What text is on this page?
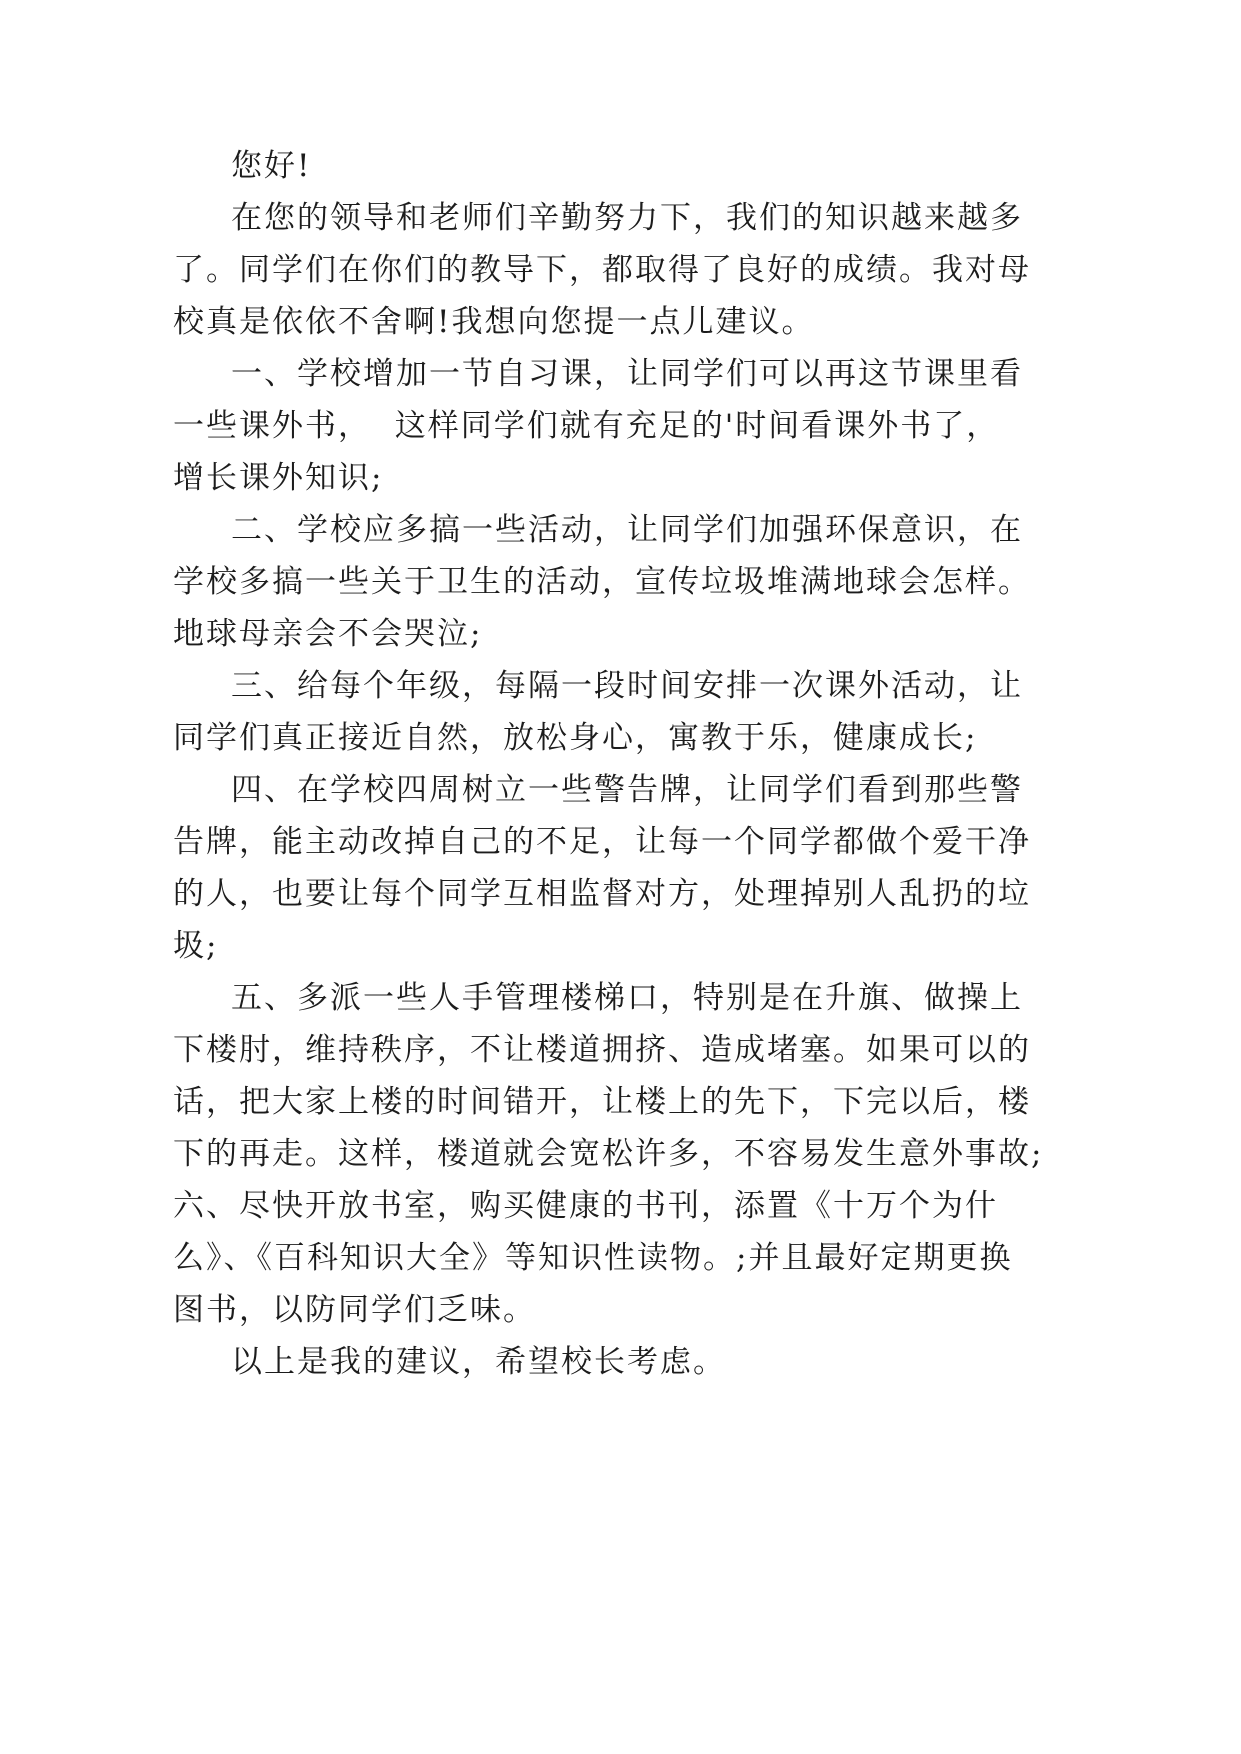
您好!
在您的领导和老师们辛勤努力下，我们的知识越来越多
了。同学们在你们的教导下，都取得了良好的成绩。我对母
校真是依依不舍啊!我想向您提一点儿建议。
一、学校增加一节自习课，让同学们可以再这节课里看
一些课外书，  这样同学们就有充足的'时间看课外书了，
增长课外知识;
二、学校应多搞一些活动，让同学们加强环保意识，在
学校多搞一些关于卫生的活动，宣传垃圾堆满地球会怎样。
地球母亲会不会哭泣;
三、给每个年级，每隔一段时间安排一次课外活动，让
同学们真正接近自然，放松身心，寓教于乐，健康成长;
四、在学校四周树立一些警告牌，让同学们看到那些警
告牌，能主动改掉自己的不足，让每一个同学都做个爱干净
的人，也要让每个同学互相监督对方，处理掉别人乱扔的垃
圾;
五、多派一些人手管理楼梯口，特别是在升旗、做操上
下楼肘，维持秩序，不让楼道拥挤、造成堵塞。如果可以的
话，把大家上楼的时间错开，让楼上的先下，下完以后，楼
下的再走。这样，楼道就会宽松许多，不容易发生意外事故;
六、尽快开放书室，购买健康的书刊，添置《十万个为什
么》、《百科知识大全》等知识性读物。;并且最好定期更换
图书，以防同学们乏味。
以上是我的建议，希望校长考虑。
